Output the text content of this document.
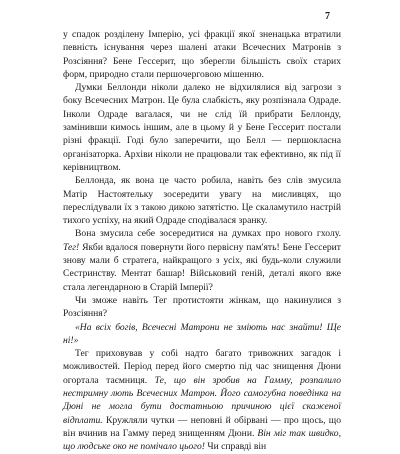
7

у спадок розділену Імперію, усі фракції якої зненацька втратили певність існування через шалені атаки Всечесних Матронів з Розсіяння? Бене Гессерит, що зберегли більшість своїх старих форм, природно стали першочерговою мішенню.

Думки Беллонди ніколи далеко не відхилялися від загрози з боку Всечесних Матрон. Це була слабкість, яку розпізнала Одраде. Інколи Одраде вагалася, чи не слід їй прибрати Беллонду, замінивши кимось іншим, але в цьому й у Бене Гессерит постали різні фракції. Годі було заперечити, що Белл — першокласна організаторка. Архіви ніколи не працювали так ефективно, як під її керівництвом.

Беллонда, як вона це часто робила, навіть без слів змусила Матір Настоятельку зосередити увагу на мисливцях, що переслідували їх з такою дикою затятістю. Це скаламутило настрій тихого успіху, на який Одраде сподівалася зранку.

Вона змусила себе зосередитися на думках про нового гхолу. Тег! Якби вдалося повернути його первісну пам'ять! Бене Гессерит знову мали б стратега, найкращого з усіх, які будь-коли служили Сестринству. Ментат башар! Військовий геній, деталі якого вже стала легендарною в Старій Імперії?

Чи зможе навіть Тег протистояти жінкам, що накинулися з Розсіяння?

«На всіх богів, Всечесні Матрони не зміють нас знайти! Ще ні!»

Тег приховував у собі надто багато тривожних загадок і можливостей. Період перед його смертю під час знищення Дюни огортала таємниця. Те, що він зробив на Гаммy, розпалило нестримну лють Всечесних Матрон. Його самогубна поведінка на Дюні не могла бути достатньою причиною цієї скаженої відплати. Кружляли чутки — неповні й обірвані — про щось, що він вчинив на Гаммy перед знищенням Дюни. Він міг так швидко, що людське око не помічало цього! Чи справді він
